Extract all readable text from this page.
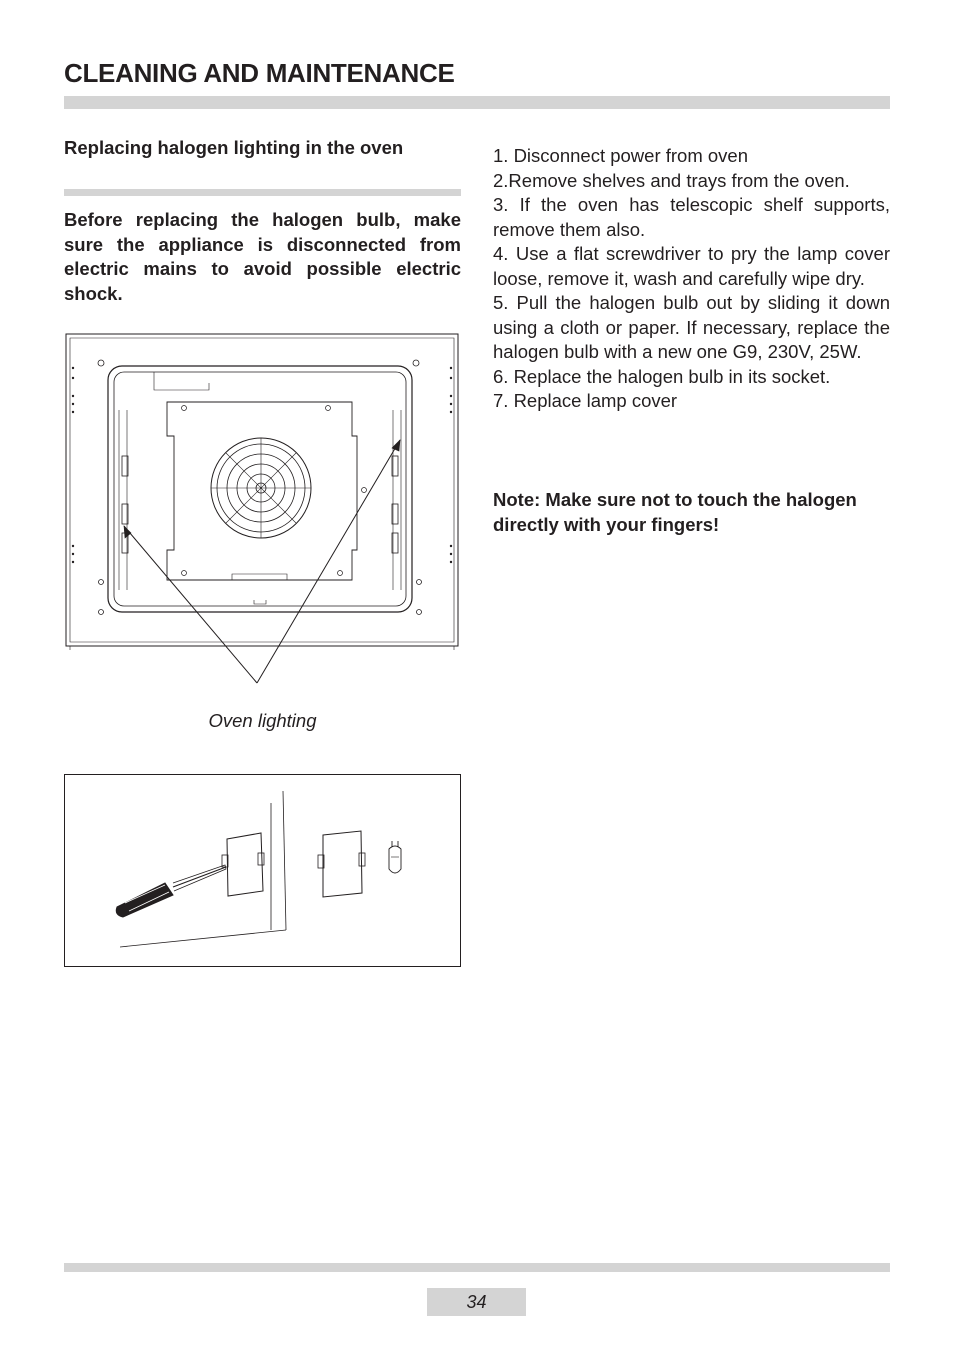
CLEANING AND MAINTENANCE
Replacing halogen lighting in the oven
Before replacing the halogen bulb, make sure the appliance is disconnected from electric mains to avoid possible electric shock.
Oven lighting
1. Disconnect power from oven
2.Remove shelves and trays from the oven.
3. If the oven has telescopic shelf supports, remove them also.
4. Use a flat screwdriver to pry the lamp cover loose, remove it, wash and carefully wipe dry.
5. Pull the halogen bulb out by sliding it down using a cloth or paper. If necessary, replace the halogen bulb with a new one G9, 230V, 25W.
6. Replace the halogen bulb in its socket.
7. Replace lamp cover
Note: Make sure not to touch the halogen directly with your fingers!
34
